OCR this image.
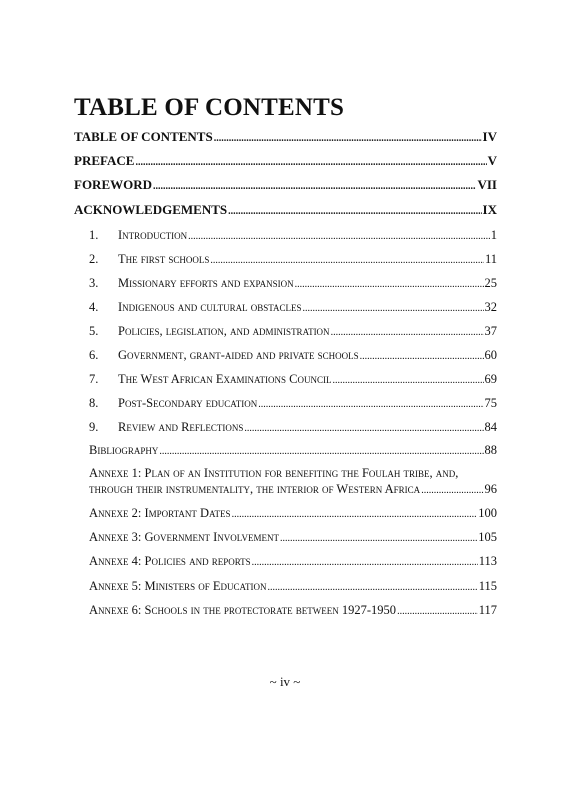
TABLE OF CONTENTS
TABLE OF CONTENTS .....	IV
PREFACE .....	V
FOREWORD .....	VII
ACKNOWLEDGEMENTS .....	IX
1.	Introduction .....	1
2.	The first schools .....	11
3.	Missionary efforts and expansion .....	25
4.	Indigenous and cultural obstacles .....	32
5.	Policies, legislation, and administration .....	37
6.	Government, grant-aided and private schools .....	60
7.	The West African Examinations Council .....	69
8.	Post-Secondary education .....	75
9.	Review and Reflections .....	84
Bibliography .....	88
Annexe 1: Plan of an Institution for benefiting the Foulah tribe, and,
through their instrumentality, the interior of Western Africa .....	96
Annexe 2: Important Dates .....	100
Annexe 3: Government Involvement .....	105
Annexe 4: Policies and reports .....	113
Annexe 5: Ministers of Education .....	115
Annexe 6: Schools in the protectorate between 1927-1950 .....	117
~ iv ~
